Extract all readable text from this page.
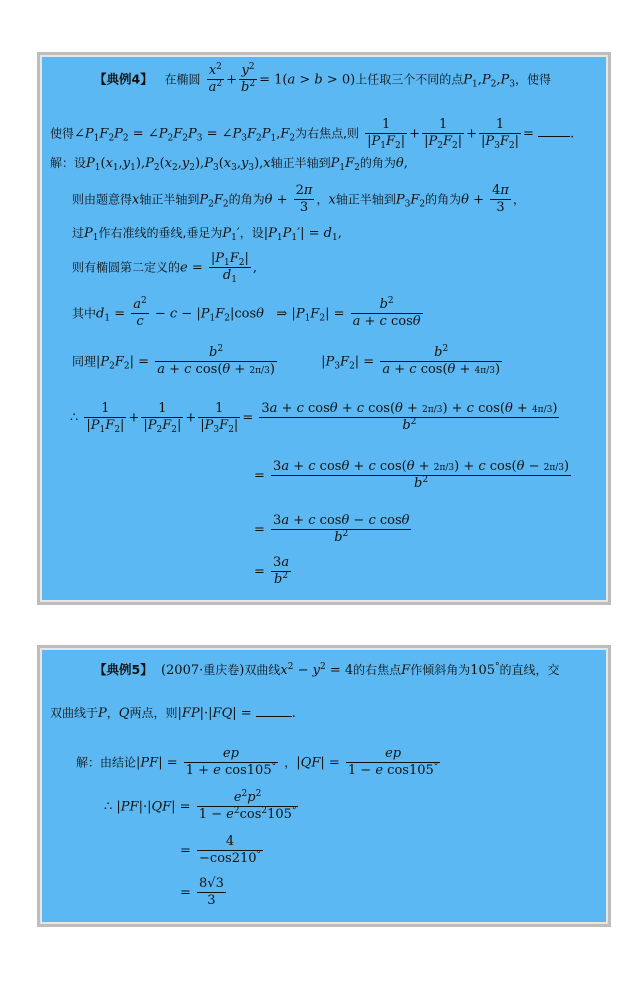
【典例4】   在椭圆 $\frac{x^2}{a^2} + \frac{y^2}{b^2} = 1(a > b > 0)$上任取三个不同的点$P_1,P_2,P_3$，使得
使得$\angle P_1F_2P_2$ = $\angle P_2F_2P_3$ = $\angle P_3F_2P_1,F_2$为右焦点,则 $\frac{1}{|P_1F_2|} + \frac{1}{|P_2F_2|} + \frac{1}{|P_3F_2|}$ = .
解：设$P_1(x_1,y_1),P_2(x_2,y_2),P_3(x_3,y_3),x$轴正半轴到$P_1F_2$的角为θ,
则由题意得x轴正半轴到$P_2F_2$的角为$\theta + \frac{2\pi}{3}$ ，x轴正半轴到$P_3F_2$的角为$\theta + \frac{4\pi}{3}$ ，
过$P_1$作右准线的垂线,垂足为$P_1'$，设$|P_1P_1'| = d_1$,
则有椭圆第二定义的$e = \frac{|P_1F_2|}{d_1}$ ,
其中$d_1 = \frac{a^2}{c} - c - |P_1F_2|\cos\theta$   ⇒ $|P_1F_2| = \frac{b^2}{\text{a + c cosθ}}$
同理$|P_2F_2| = \frac{b^2}{\text{a + c cos(θ + 2π/3)}}$	$|P_3F_2| = \frac{b^2}{\text{a + c cos(θ + 4π/3)}}$
∴ $\frac{1}{|P_1F_2|} + \frac{1}{|P_2F_2|} + \frac{1}{|P_3F_2|} = \frac{\text{3a + c cosθ + c cos(θ + 2π/3) + c cos(θ + 4π/3)}}{b^2}$
= $\frac{\text{3a + c cosθ + c cos(θ + 2π/3) + c cos(θ − 2π/3)}}{b^2}$
= $\frac{\text{3a + c cosθ − c cosθ}}{b^2}$
= $\frac{3a}{b^2}$
【典例5】  (2007·重庆卷)双曲线$x^2 - y^2 = 4$的右焦点F作倾斜角为105°的直线，交
双曲线于P，Q两点，则|FP|·|FQ| =	.
解：由结论$|PF| = \frac{ep}{1 + e \cos 105^\circ}$ ，$|QF| = \frac{ep}{1 - e \cos 105^\circ}$
∴ $|PF|\cdot|QF| = \frac{e^2p^2}{1 - e^2\cos^2105^\circ}$
= $\frac{4}{-\cos 210^\circ}$
= $\frac{8√3}{3}$
